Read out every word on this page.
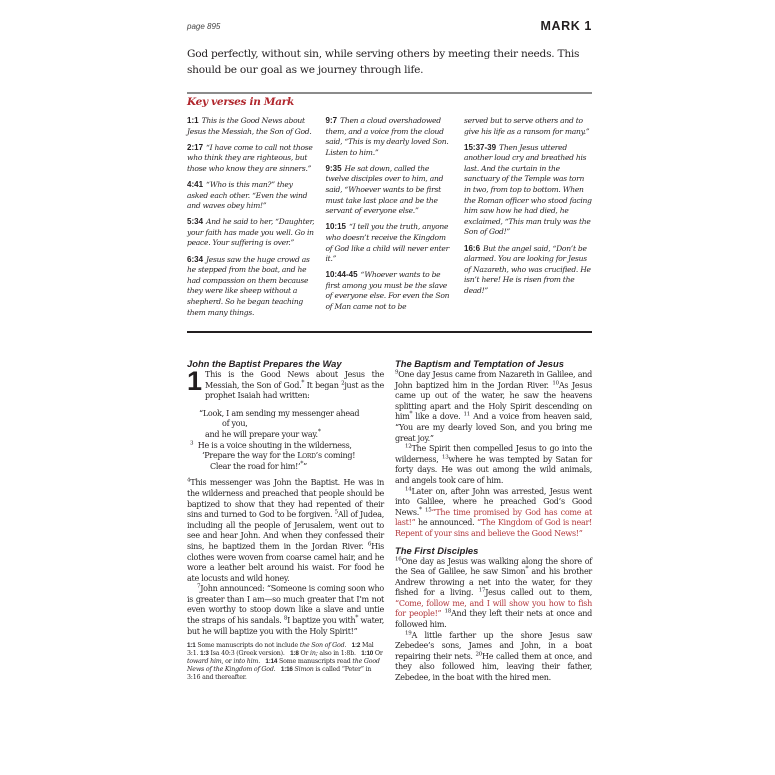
page 895	MARK 1
God perfectly, without sin, while serving others by meeting their needs. This should be our goal as we journey through life.
Key verses in Mark
1:1 This is the Good News about Jesus the Messiah, the Son of God.
2:17 “I have come to call not those who think they are righteous, but those who know they are sinners.”
4:41 “Who is this man?” they asked each other. “Even the wind and waves obey him!”
5:34 And he said to her, “Daughter, your faith has made you well. Go in peace. Your suffering is over.”
6:34 Jesus saw the huge crowd as he stepped from the boat, and he had compassion on them because they were like sheep without a shepherd. So he began teaching them many things.
9:7 Then a cloud overshadowed them, and a voice from the cloud said, “This is my dearly loved Son. Listen to him.”
9:35 He sat down, called the twelve disciples over to him, and said, “Whoever wants to be first must take last place and be the servant of everyone else.”
10:15 “I tell you the truth, anyone who doesn’t receive the Kingdom of God like a child will never enter it.”
10:44-45 “Whoever wants to be first among you must be the slave of everyone else. For even the Son of Man came not to be
served but to serve others and to give his life as a ransom for many.”
15:37-39 Then Jesus uttered another loud cry and breathed his last. And the curtain in the sanctuary of the Temple was torn in two, from top to bottom. When the Roman officer who stood facing him saw how he had died, he exclaimed, “This man truly was the Son of God!”
16:6 But the angel said, “Don’t be alarmed. You are looking for Jesus of Nazareth, who was crucified. He isn’t here! He is risen from the dead!”
John the Baptist Prepares the Way
1 This is the Good News about Jesus the Messiah, the Son of God.* It began $^2$just as the prophet Isaiah had written:

“Look, I am sending my messenger ahead
of you,
and he will prepare your way.*
$^3$ He is a voice shouting in the wilderness,
‘Prepare the way for the Lord’s coming!
Clear the road for him!’*”

$^4$This messenger was John the Baptist. He was in the wilderness and preached that people should be baptized to show that they had repented of their sins and turned to God to be forgiven. $^5$All of Judea, including all the people of Jerusalem, went out to see and hear John. And when they confessed their sins, he baptized them in the Jordan River. $^6$His clothes were woven from coarse camel hair, and he wore a leather belt around his waist. For food he ate locusts and wild honey.

$^7$John announced: “Someone is coming soon who is greater than I am—so much greater that I’m not even worthy to stoop down like a slave and untie the straps of his sandals. $^8$I baptize you with* water, but he will baptize you with the Holy Spirit!”

1:1 Some manuscripts do not include the Son of God. 1:2 Mal 3:1. 1:3 Isa 40:3 (Greek version). 1:8 Or in; also in 1:8b. 1:10 Or toward him, or into him. 1:14 Some manuscripts read the Good News of the Kingdom of God. 1:16 Simon is called “Peter” in 3:16 and thereafter.
The Baptism and Temptation of Jesus

$^9$One day Jesus came from Nazareth in Galilee, and John baptized him in the Jordan River. $^{10}$As Jesus came up out of the water, he saw the heavens splitting apart and the Holy Spirit descending on him* like a dove. $^{11}$ And a voice from heaven said, “You are my dearly loved Son, and you bring me great joy.”

$^{12}$The Spirit then compelled Jesus to go into the wilderness, $^{13}$where he was tempted by Satan for forty days. He was out among the wild animals, and angels took care of him.

$^{14}$Later on, after John was arrested, Jesus went into Galilee, where he preached God’s Good News.* $^{15}$“The time promised by God has come at last!” he announced. “The Kingdom of God is near! Repent of your sins and believe the Good News!”

The First Disciples

$^{16}$One day as Jesus was walking along the shore of the Sea of Galilee, he saw Simon* and his brother Andrew throwing a net into the water, for they fished for a living. $^{17}$Jesus called out to them, “Come, follow me, and I will show you how to fish for people!” $^{18}$And they left their nets at once and followed him.

$^{19}$A little farther up the shore Jesus saw Zebedee’s sons, James and John, in a boat repairing their nets. $^{20}$He called them at once, and they also followed him, leaving their father, Zebedee, in the boat with the hired men.
